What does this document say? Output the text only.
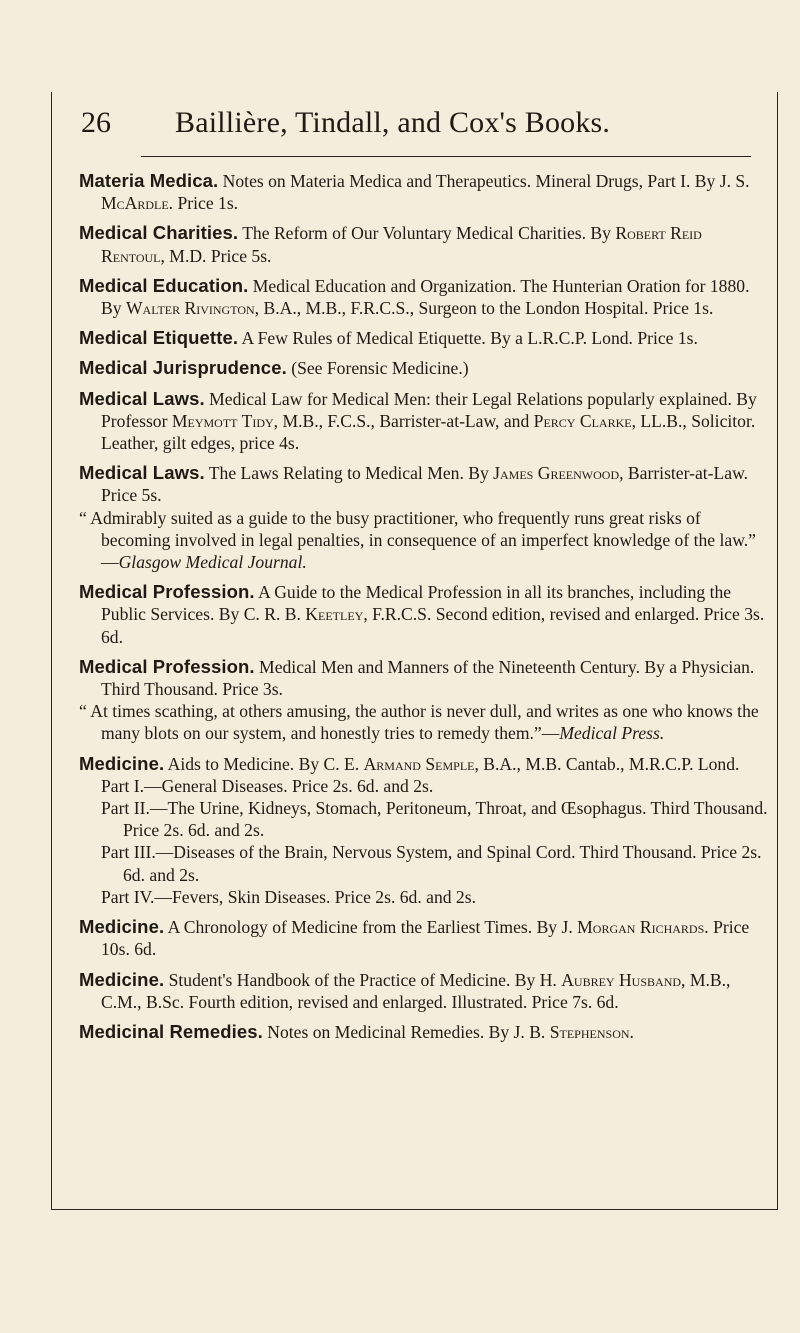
26 Baillière, Tindall, and Cox's Books.

Materia Medica. Notes on Materia Medica and Therapeutics. Mineral Drugs, Part I. By J. S. McArdle. Price 1s.

Medical Charities. The Reform of Our Voluntary Medical Charities. By Robert Reid Rentoul, M.D. Price 5s.

Medical Education. Medical Education and Organization. The Hunterian Oration for 1880. By Walter Rivington, B.A., M.B., F.R.C.S., Surgeon to the London Hospital. Price 1s.

Medical Etiquette. A Few Rules of Medical Etiquette. By a L.R.C.P. Lond. Price 1s.

Medical Jurisprudence. (See Forensic Medicine.)

Medical Laws. Medical Law for Medical Men: their Legal Relations popularly explained. By Professor Meymott Tidy, M.B., F.C.S., Barrister-at-Law, and Percy Clarke, LL.B., Solicitor. Leather, gilt edges, price 4s.

Medical Laws. The Laws Relating to Medical Men. By James Greenwood, Barrister-at-Law. Price 5s.

“ Admirably suited as a guide to the busy practitioner, who frequently runs great risks of becoming involved in legal penalties, in consequence of an imperfect knowledge of the law.” —Glasgow Medical Journal.

Medical Profession. A Guide to the Medical Profession in all its branches, including the Public Services. By C. R. B. Keetley, F.R.C.S. Second edition, revised and enlarged. Price 3s. 6d.

Medical Profession. Medical Men and Manners of the Nineteenth Century. By a Physician. Third Thousand. Price 3s.

“ At times scathing, at others amusing, the author is never dull, and writes as one who knows the many blots on our system, and honestly tries to remedy them.”—Medical Press.

Medicine. Aids to Medicine. By C. E. Armand Semple, B.A., M.B. Cantab., M.R.C.P. Lond.

Part I.—General Diseases. Price 2s. 6d. and 2s.

Part II.—The Urine, Kidneys, Stomach, Peritoneum, Throat, and Œsophagus. Third Thousand. Price 2s. 6d. and 2s.

Part III.—Diseases of the Brain, Nervous System, and Spinal Cord. Third Thousand. Price 2s. 6d. and 2s.

Part IV.—Fevers, Skin Diseases. Price 2s. 6d. and 2s.

Medicine. A Chronology of Medicine from the Earliest Times. By J. Morgan Richards. Price 10s. 6d.

Medicine. Student's Handbook of the Practice of Medicine. By H. Aubrey Husband, M.B., C.M., B.Sc. Fourth edition, revised and enlarged. Illustrated. Price 7s. 6d.

Medicinal Remedies. Notes on Medicinal Remedies. By J. B. Stephenson.
